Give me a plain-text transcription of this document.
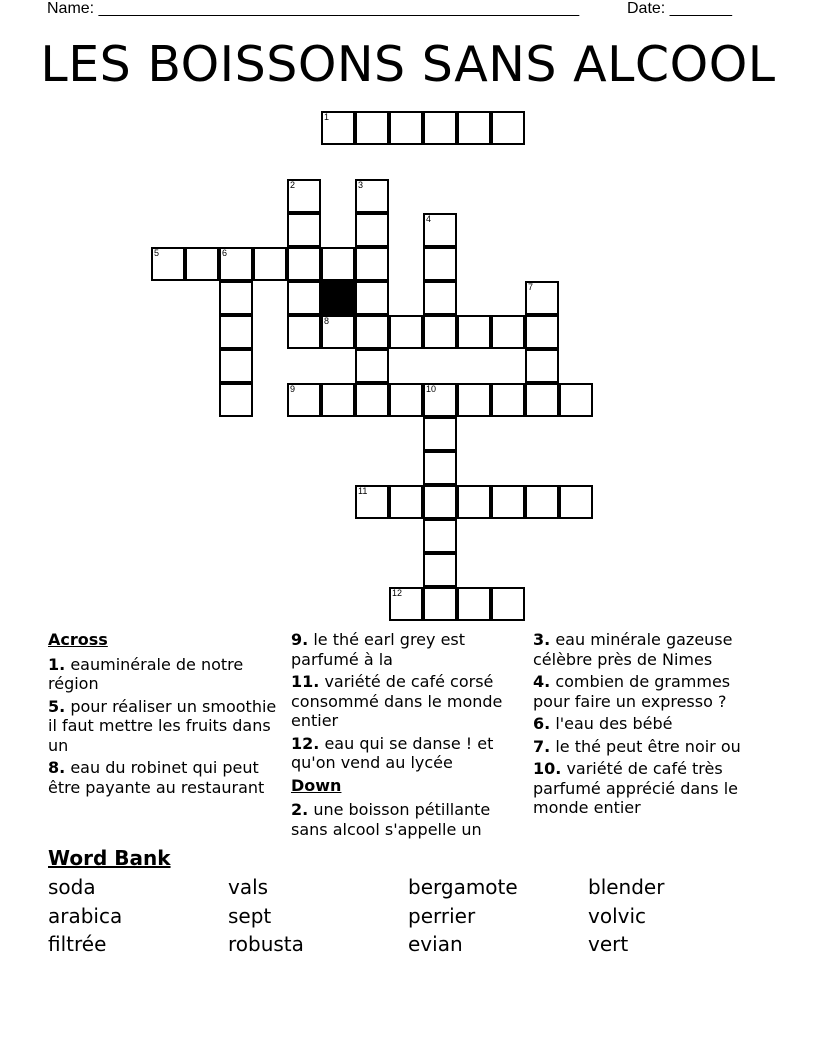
Name: ______________________________________________________	Date: _______
LES BOISSONS SANS ALCOOL
1
2	3
4
5	6
7
8
9	10
11
12
Across
1. eauminérale de notre région
5. pour réaliser un smoothie il faut mettre les fruits dans un
8. eau du robinet qui peut être payante au restaurant
9. le thé earl grey est parfumé à la
11. variété de café corsé consommé dans le monde entier
12. eau qui se danse ! et qu'on vend au lycée
Down
2. une boisson pétillante sans alcool s'appelle un
3. eau minérale gazeuse célèbre près de Nimes
4. combien de grammes pour faire un expresso ?
6. l'eau des bébé
7. le thé peut être noir ou
10. variété de café très parfumé apprécié dans le monde entier
Word Bank
soda	vals	bergamote	blender
arabica	sept	perrier	volvic
filtrée	robusta	evian	vert
